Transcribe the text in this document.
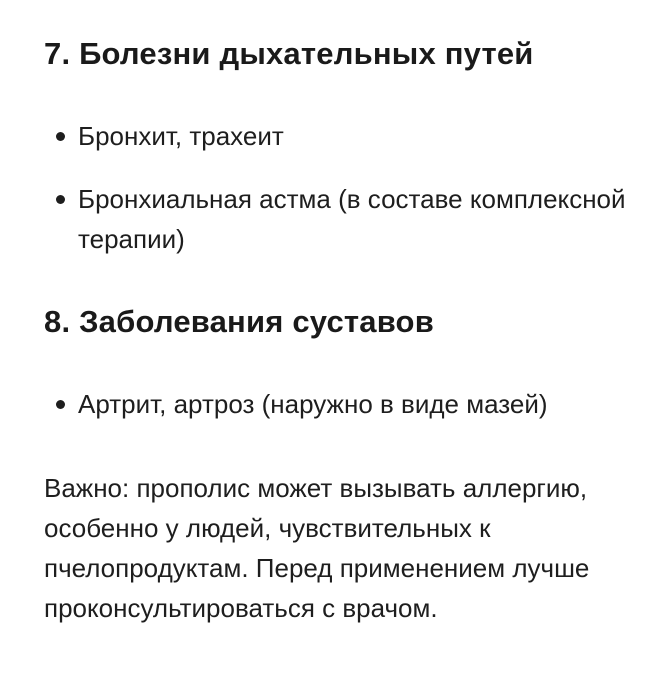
7. Болезни дыхательных путей
Бронхит, трахеит
Бронхиальная астма (в составе комплексной терапии)
8. Заболевания суставов
Артрит, артроз (наружно в виде мазей)

Важно: прополис может вызывать аллергию, особенно у людей, чувствительных к пчелопродуктам. Перед применением лучше проконсультироваться с врачом.
